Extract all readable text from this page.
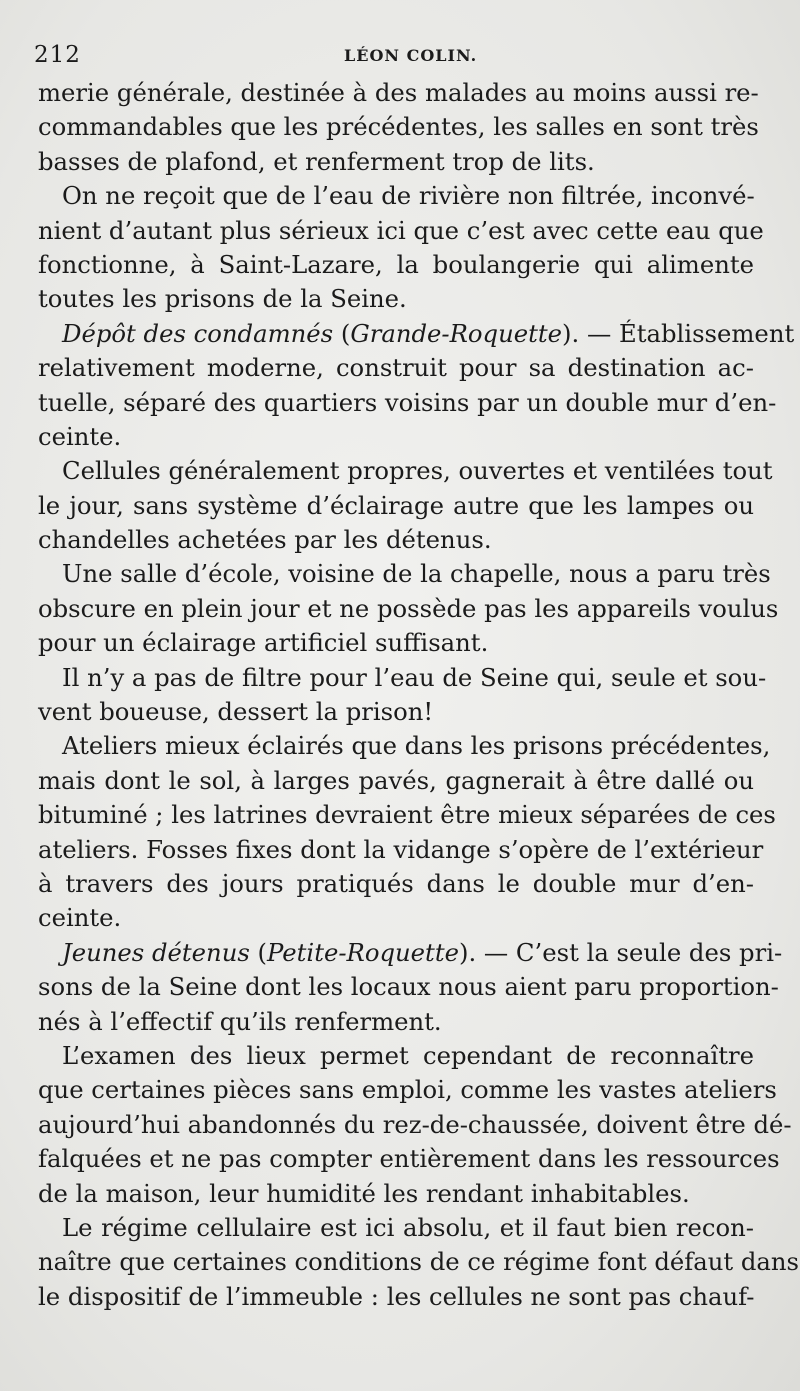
212	LÉON COLIN.
merie générale, destinée à des malades au moins aussi re-
commandables que les précédentes, les salles en sont très
basses de plafond, et renferment trop de lits.
On ne reçoit que de l’eau de rivière non filtrée, inconvé-
nient d’autant plus sérieux ici que c’est avec cette eau que
fonctionne, à Saint-Lazare, la boulangerie qui alimente
toutes les prisons de la Seine.
Dépôt des condamnés (Grande-Roquette). — Établissement
relativement moderne, construit pour sa destination ac-
tuelle, séparé des quartiers voisins par un double mur d’en-
ceinte.
Cellules généralement propres, ouvertes et ventilées tout
le jour, sans système d’éclairage autre que les lampes ou
chandelles achetées par les détenus.
Une salle d’école, voisine de la chapelle, nous a paru très
obscure en plein jour et ne possède pas les appareils voulus
pour un éclairage artificiel suffisant.
Il n’y a pas de filtre pour l’eau de Seine qui, seule et sou-
vent boueuse, dessert la prison!
Ateliers mieux éclairés que dans les prisons précédentes,
mais dont le sol, à larges pavés, gagnerait à être dallé ou
bituminé ; les latrines devraient être mieux séparées de ces
ateliers. Fosses fixes dont la vidange s’opère de l’extérieur
à travers des jours pratiqués dans le double mur d’en-
ceinte.
Jeunes détenus (Petite-Roquette). — C’est la seule des pri-
sons de la Seine dont les locaux nous aient paru proportion-
nés à l’effectif qu’ils renferment.
L’examen des lieux permet cependant de reconnaître
que certaines pièces sans emploi, comme les vastes ateliers
aujourd’hui abandonnés du rez-de-chaussée, doivent être dé-
falquées et ne pas compter entièrement dans les ressources
de la maison, leur humidité les rendant inhabitables.
Le régime cellulaire est ici absolu, et il faut bien recon-
naître que certaines conditions de ce régime font défaut dans
le dispositif de l’immeuble : les cellules ne sont pas chauf-
